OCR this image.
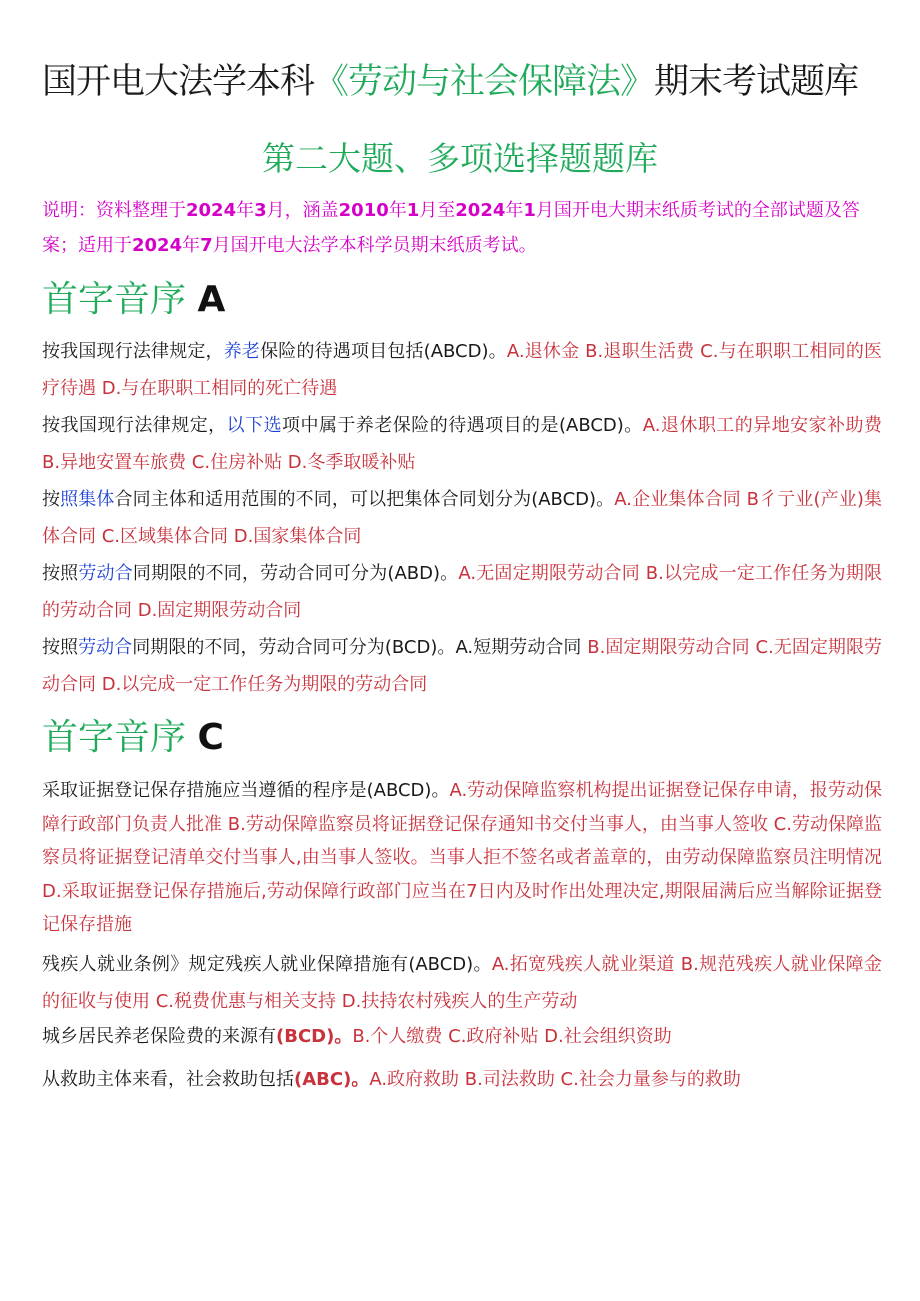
国开电大法学本科《劳动与社会保障法》期末考试题库
第二大题、多项选择题题库
说明：资料整理于2024年3月，涵盖2010年1月至2024年1月国开电大期末纸质考试的全部试题及答案；适用于2024年7月国开电大法学本科学员期末纸质考试。
首字音序 A
按我国现行法律规定，养老保险的待遇项目包括(ABCD)。A.退休金 B.退职生活费 C.与在职职工相同的医疗待遇 D.与在职职工相同的死亡待遇
按我国现行法律规定，以下选项中属于养老保险的待遇项目的是(ABCD)。A.退休职工的异地安家补助费 B.异地安置车旅费 C.住房补贴 D.冬季取暖补贴
按照集体合同主体和适用范围的不同，可以把集体合同划分为(ABCD)。A.企业集体合同 B彳亍业(产业)集体合同 C.区域集体合同 D.国家集体合同
按照劳动合同期限的不同，劳动合同可分为(ABD)。A.无固定期限劳动合同 B.以完成一定工作任务为期限的劳动合同 D.固定期限劳动合同
按照劳动合同期限的不同，劳动合同可分为(BCD)。A.短期劳动合同 B.固定期限劳动合同 C.无固定期限劳动合同 D.以完成一定工作任务为期限的劳动合同
首字音序 C
采取证据登记保存措施应当遵循的程序是(ABCD)。A.劳动保障监察机构提出证据登记保存申请，报劳动保障行政部门负责人批准 B.劳动保障监察员将证据登记保存通知书交付当事人，由当事人签收 C.劳动保障监察员将证据登记清单交付当事人,由当事人签收。当事人拒不签名或者盖章的，由劳动保障监察员注明情况 D.采取证据登记保存措施后,劳动保障行政部门应当在7日内及时作出处理决定,期限届满后应当解除证据登记保存措施
残疾人就业条例》规定残疾人就业保障措施有(ABCD)。A.拓宽残疾人就业渠道 B.规范残疾人就业保障金的征收与使用 C.税费优惠与相关支持 D.扶持农村残疾人的生产劳动
城乡居民养老保险费的来源有(BCD)。B.个人缴费 C.政府补贴 D.社会组织资助
从救助主体来看，社会救助包括(ABC)。A.政府救助 B.司法救助 C.社会力量参与的救助
